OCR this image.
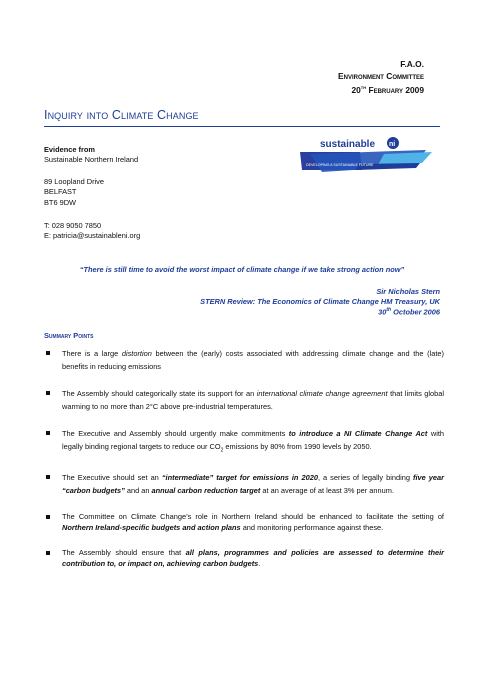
F.A.O.
Environment Committee
20th February 2009
Inquiry into Climate Change
Evidence from
Sustainable Northern Ireland
sustainable ni
DEVELOPING A SUSTAINABLE FUTURE
89 Loopland Drive
BELFAST
BT6 9DW
T: 028 9050 7850
E: patricia@sustainableni.org
“There is still time to avoid the worst impact of climate change if we take strong action now”
Sir Nicholas Stern
STERN Review: The Economics of Climate Change HM Treasury, UK
30th October 2006
Summary Points
There is a large distortion between the (early) costs associated with addressing climate change and the (late) benefits in reducing emissions
The Assembly should categorically state its support for an international climate change agreement that limits global warming to no more than 2°C above pre-industrial temperatures.
The Executive and Assembly should urgently make commitments to introduce a NI Climate Change Act with legally binding regional targets to reduce our $CO_2$ emissions by 80% from 1990 levels by 2050.
The Executive should set an “intermediate” target for emissions in 2020, a series of legally binding five year “carbon budgets” and an annual carbon reduction target at an average of at least 3% per annum.
The Committee on Climate Change’s role in Northern Ireland should be enhanced to facilitate the setting of Northern Ireland-specific budgets and action plans and monitoring performance against these.
The Assembly should ensure that all plans, programmes and policies are assessed to determine their contribution to, or impact on, achieving carbon budgets.
